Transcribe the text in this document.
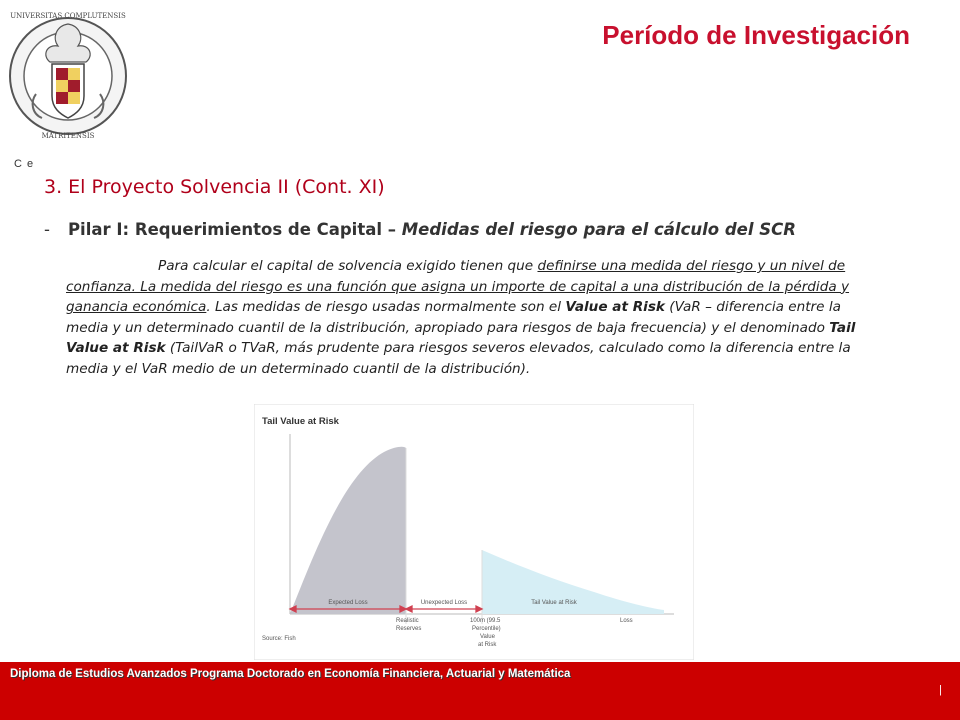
UNIVERSITAS COMPLUTENSIS
MATRITENSIS
Período de Investigación
C e
3. El Proyecto Solvencia II (Cont. XI)
- Pilar I: Requerimientos de Capital – Medidas del riesgo para el cálculo del SCR
Para calcular el capital de solvencia exigido tienen que definirse una medida del riesgo y un nivel de confianza. La medida del riesgo es una función que asigna un importe de capital a una distribución de la pérdida y ganancia económica. Las medidas de riesgo usadas normalmente son el Value at Risk (VaR – diferencia entre la media y un determinado cuantil de la distribución, apropiado para riesgos de baja frecuencia) y el denominado Tail Value at Risk (TailVaR o TVaR, más prudente para riesgos severos elevados, calculado como la diferencia entre la media y el VaR medio de un determinado cuantil de la distribución).
Tail Value at Risk
Expected Loss	Unexpected Loss	Tail Value at Risk
Realistic
Reserves
100m (99.5
Percentile)
Value
at Risk
Loss
Source: Fish
Diploma de Estudios Avanzados Programa Doctorado en Economía Financiera, Actuarial y Matemática
|
